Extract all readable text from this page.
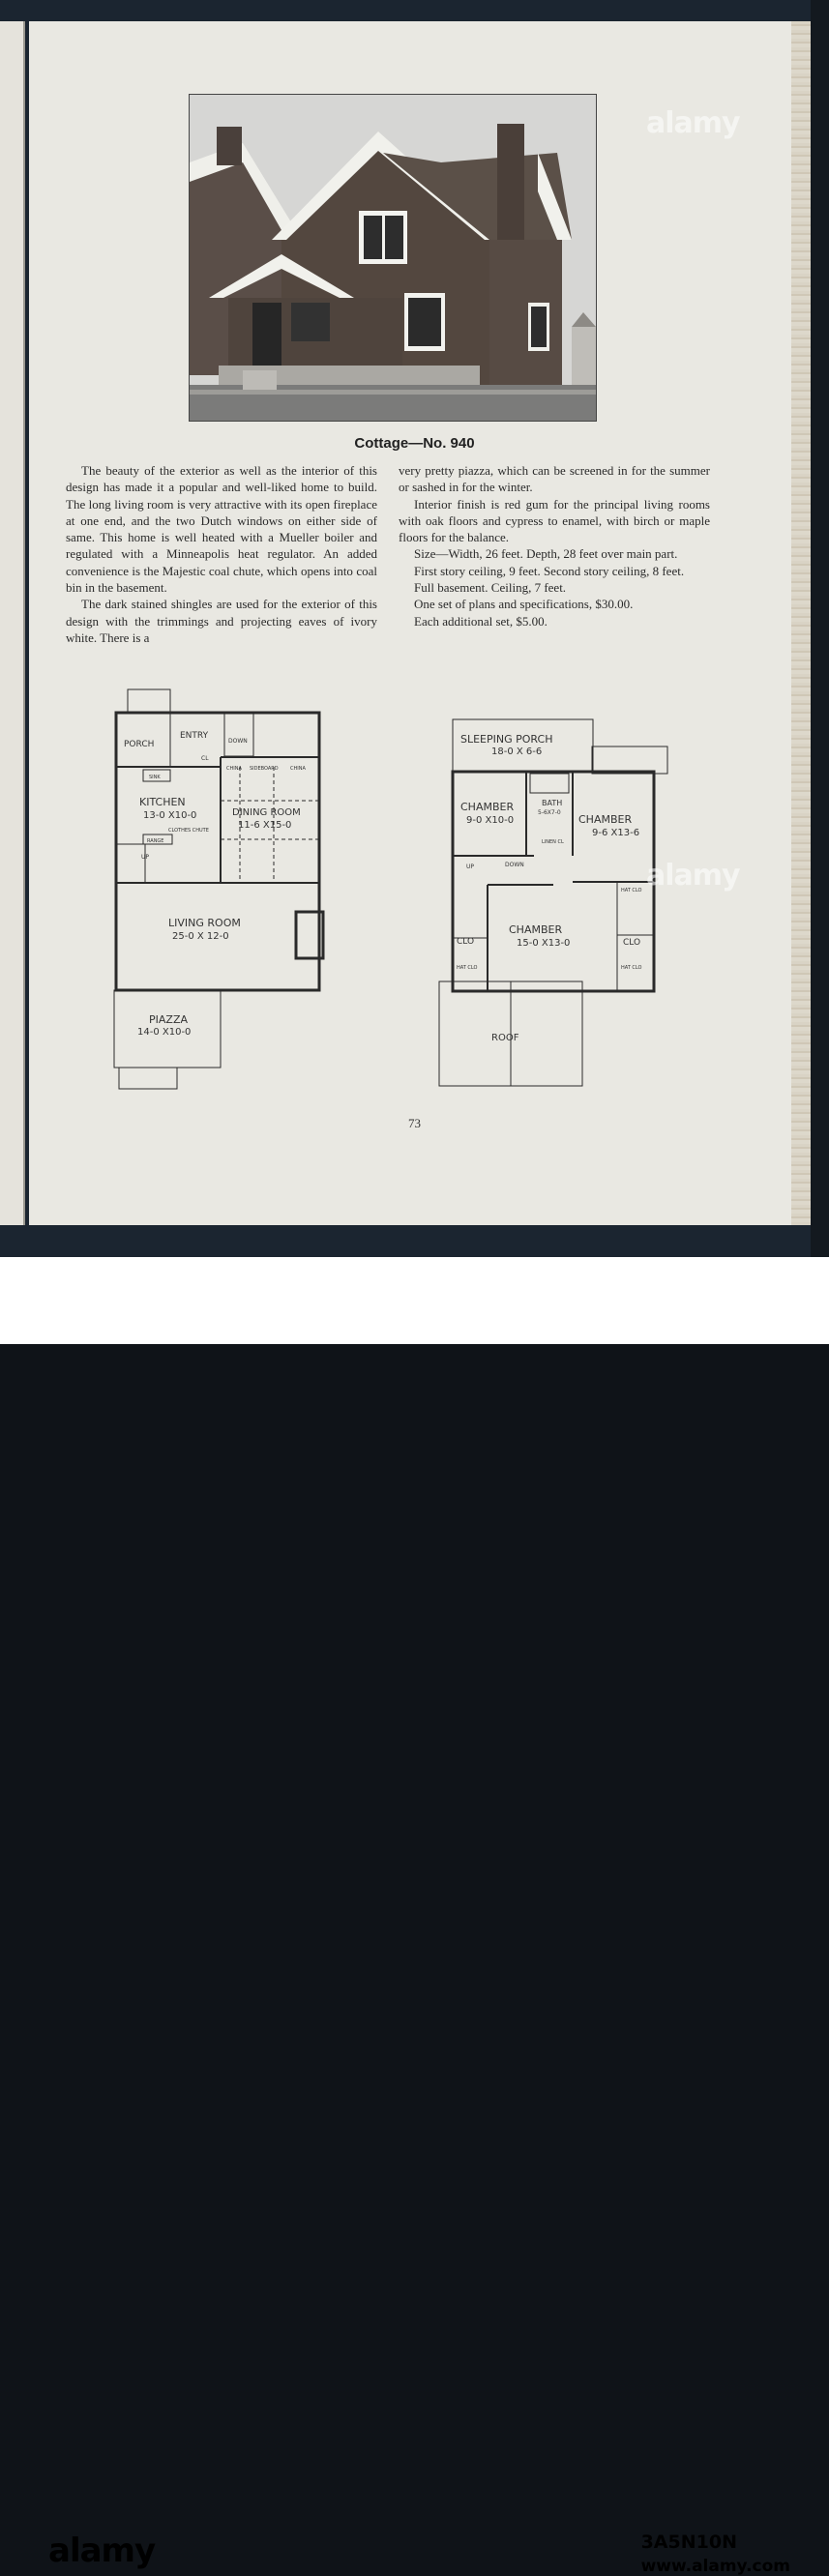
Cottage—No. 940

The beauty of the exterior as well as the interior of this design has made it a popular and well-liked home to build. The long living room is very attractive with its open fireplace at one end, and the two Dutch windows on either side of same. This home is well heated with a Mueller boiler and regulated with a Minneapolis heat regulator. An added convenience is the Majestic coal chute, which opens into coal bin in the basement.

The dark stained shingles are used for the exterior of this design with the trimmings and projecting eaves of ivory white. There is a

very pretty piazza, which can be screened in for the summer or sashed in for the winter.

Interior finish is red gum for the principal living rooms with oak floors and cypress to enamel, with birch or maple floors for the balance.

Size—Width, 26 feet. Depth, 28 feet over main part.

First story ceiling, 9 feet. Second story ceiling, 8 feet.

Full basement. Ceiling, 7 feet.

One set of plans and specifications, $30.00.

Each additional set, $5.00.

PORCH
ENTRY
CL
DOWN
SINK
CHINA SIDEBOARD CHINA
KITCHEN
13-0 X10-0
CLOTHES CHUTE
RANGE
UP
DINING ROOM
11-6 X15-0
LIVING ROOM
25-0 X 12-0
PIAZZA
14-0 X10-0
SLEEPING PORCH
18-0 X 6-6
CHAMBER
9-0 X10-0
BATH
5-6X7-0
CHAMBER
9-6 X13-6
LINEN CL
UP	DOWN
CHAMBER
15-0 X13-0
CLO	CLO
HAT CLO	HAT CLO
HAT CLO
ROOF
73
alamy
alamy
alamy	3A5N10N
www.alamy.com
